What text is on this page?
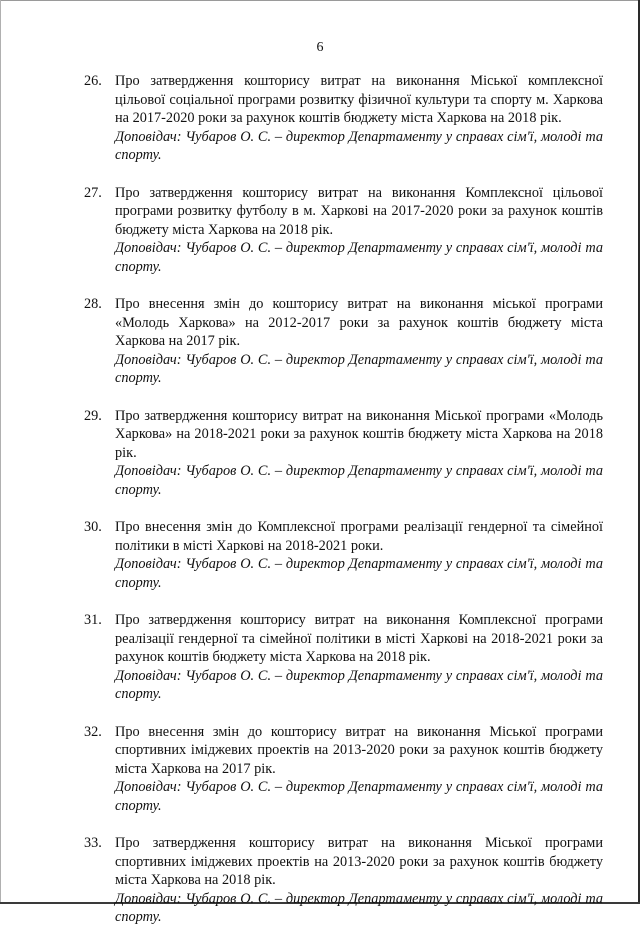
6
26. Про затвердження кошторису витрат на виконання Міської комплексної цільової соціальної програми розвитку фізичної культури та спорту м. Харкова на 2017-2020 роки за рахунок коштів бюджету міста Харкова на 2018 рік.
Доповідач: Чубаров О. С. – директор Департаменту у справах сім'ї, молоді та спорту.
27. Про затвердження кошторису витрат на виконання Комплексної цільової програми розвитку футболу в м. Харкові на 2017-2020 роки за рахунок коштів бюджету міста Харкова на 2018 рік.
Доповідач: Чубаров О. С. – директор Департаменту у справах сім'ї, молоді та спорту.
28. Про внесення змін до кошторису витрат на виконання міської програми «Молодь Харкова» на 2012-2017 роки за рахунок коштів бюджету міста Харкова на 2017 рік.
Доповідач: Чубаров О. С. – директор Департаменту у справах сім'ї, молоді та спорту.
29. Про затвердження кошторису витрат на виконання Міської програми «Молодь Харкова» на 2018-2021 роки за рахунок коштів бюджету міста Харкова на 2018 рік.
Доповідач: Чубаров О. С. – директор Департаменту у справах сім'ї, молоді та спорту.
30. Про внесення змін до Комплексної програми реалізації гендерної та сімейної політики в місті Харкові на 2018-2021 роки.
Доповідач: Чубаров О. С. – директор Департаменту у справах сім'ї, молоді та спорту.
31. Про затвердження кошторису витрат на виконання Комплексної програми реалізації гендерної та сімейної політики в місті Харкові на 2018-2021 роки за рахунок коштів бюджету міста Харкова на 2018 рік.
Доповідач: Чубаров О. С. – директор Департаменту у справах сім'ї, молоді та спорту.
32. Про внесення змін до кошторису витрат на виконання Міської програми спортивних іміджевих проектів на 2013-2020 роки за рахунок коштів бюджету міста Харкова на 2017 рік.
Доповідач: Чубаров О. С. – директор Департаменту у справах сім'ї, молоді та спорту.
33. Про затвердження кошторису витрат на виконання Міської програми спортивних іміджевих проектів на 2013-2020 роки за рахунок коштів бюджету міста Харкова на 2018 рік.
Доповідач: Чубаров О. С. – директор Департаменту у справах сім'ї, молоді та спорту.
